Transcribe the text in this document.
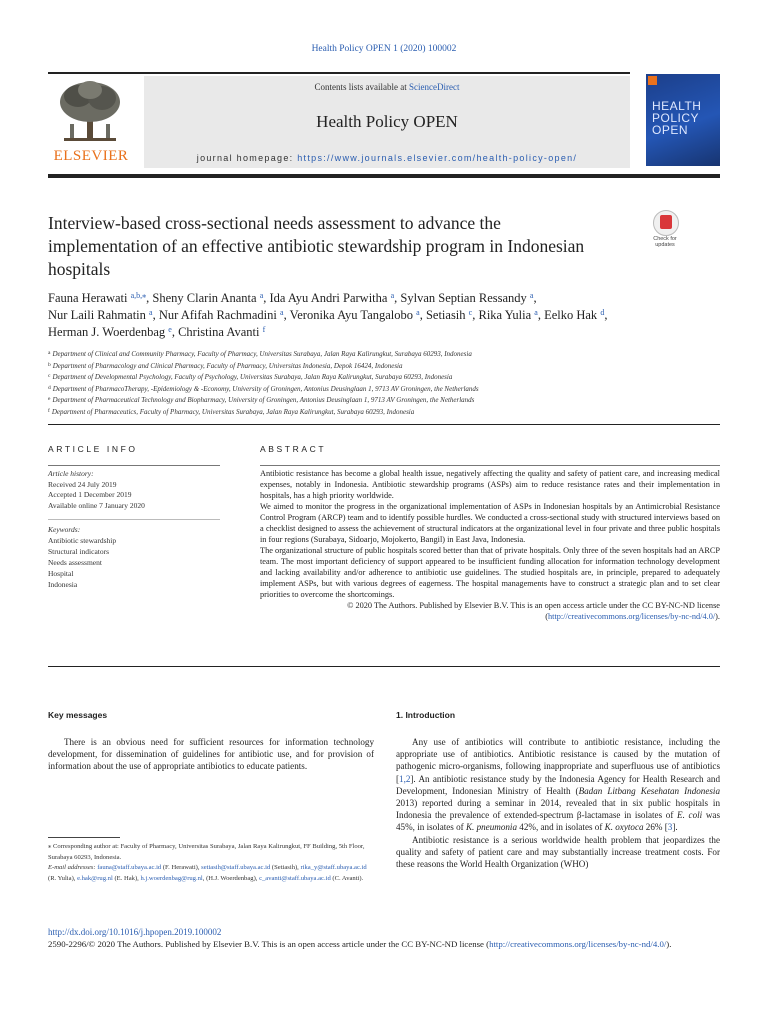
Health Policy OPEN 1 (2020) 100002
ELSEVIER
Contents lists available at ScienceDirect
Health Policy OPEN
journal homepage: https://www.journals.elsevier.com/health-policy-open/
HEALTH
POLICY
OPEN
Interview-based cross-sectional needs assessment to advance the implementation of an effective antibiotic stewardship program in Indonesian hospitals
Check for
updates
Fauna Herawati $^{a,b,⁎}$, Sheny Clarin Ananta $^a$, Ida Ayu Andri Parwitha $^a$, Sylvan Septian Ressandy $^a$,
Nur Laili Rahmatin $^a$, Nur Afifah Rachmadini $^a$, Veronika Ayu Tangalobo $^a$, Setiasih $^c$, Rika Yulia $^a$, Eelko Hak $^d$,
Herman J. Woerdenbag $^e$, Christina Avanti $^f$
$^a$ Department of Clinical and Community Pharmacy, Faculty of Pharmacy, Universitas Surabaya, Jalan Raya Kalirungkut, Surabaya 60293, Indonesia
$^b$ Department of Pharmacology and Clinical Pharmacy, Faculty of Pharmacy, Universitas Indonesia, Depok 16424, Indonesia
$^c$ Department of Developmental Psychology, Faculty of Psychology, Universitas Surabaya, Jalan Raya Kalirungkut, Surabaya 60293, Indonesia
$^d$ Department of PharmacoTherapy, -Epidemiology & -Economy, University of Groningen, Antonius Deusinglaan 1, 9713 AV Groningen, the Netherlands
$^e$ Department of Pharmaceutical Technology and Biopharmacy, University of Groningen, Antonius Deusinglaan 1, 9713 AV Groningen, the Netherlands
$^f$ Department of Pharmaceutics, Faculty of Pharmacy, Universitas Surabaya, Jalan Raya Kalirungkut, Surabaya 60293, Indonesia
ARTICLE INFO	ABSTRACT
Article history:
Received 24 July 2019
Accepted 1 December 2019
Available online 7 January 2020
Keywords:
Antibiotic stewardship
Structural indicators
Needs assessment
Hospital
Indonesia

Antibiotic resistance has become a global health issue, negatively affecting the quality and safety of patient care, and increasing medical expenses, notably in Indonesia. Antibiotic stewardship programs (ASPs) aim to reduce resistance rates and their implementation in hospitals, has a high priority worldwide.

We aimed to monitor the progress in the organizational implementation of ASPs in Indonesian hospitals by an Antimicrobial Resistance Control Program (ARCP) team and to identify possible hurdles. We conducted a cross-sectional study with structured interviews based on a checklist designed to assess the achievement of structural indicators at the organizational level in four private and three public hospitals in four regions (Surabaya, Sidoarjo, Mojokerto, Bangil) in East Java, Indonesia.

The organizational structure of public hospitals scored better than that of private hospitals. Only three of the seven hospitals had an ARCP team. The most important deficiency of support appeared to be insufficient funding allocation for information technology development and lacking availability and/or adherence to antibiotic use guidelines. The studied hospitals are, in principle, prepared to adequately implement ASPs, but with various degrees of eagerness. The hospital managements have to construct a strategic plan and to set clear priorities to overcome the shortcomings.

© 2020 The Authors. Published by Elsevier B.V. This is an open access article under the CC BY-NC-ND license (http://creativecommons.org/licenses/by-nc-nd/4.0/).

Key messages
There is an obvious need for sufficient resources for information technology development, for dissemination of guidelines for antibiotic use, and for provision of information about the use of appropriate antibiotics to educate patients.
1. Introduction

Any use of antibiotics will contribute to antibiotic resistance, including the appropriate use of antibiotics. Antibiotic resistance is caused by the mutation of pathogenic micro-organisms, following inappropriate and superfluous use of antibiotics [1,2]. An antibiotic resistance study by the Indonesia Agency for Health Research and Development, Indonesian Ministry of Health (Badan Litbang Kesehatan Indonesia 2013) reported during a seminar in 2014, revealed that in six public hospitals in Indonesia the prevalence of extended-spectrum β-lactamase in isolates of E. coli was 45%, in isolates of K. pneumonia 42%, and in isolates of K. oxytoca 26% [3].

Antibiotic resistance is a serious worldwide health problem that jeopardizes the quality and safety of patient care and may substantially increase treatment costs. For these reasons the World Health Organization (WHO)

⁎ Corresponding author at: Faculty of Pharmacy, Universitas Surabaya, Jalan Raya Kalirungkut, FF Building, 5th Floor, Surabaya 60293, Indonesia.
E-mail addresses: fauna@staff.ubaya.ac.id (F. Herawati), setiasih@staff.ubaya.ac.id (Setiasih), rika_y@staff.ubaya.ac.id (R. Yulia), e.hak@rug.nl (E. Hak), h.j.woerdenbag@rug.nl, (H.J. Woerdenbag), c_avanti@staff.ubaya.ac.id (C. Avanti).
http://dx.doi.org/10.1016/j.hpopen.2019.100002
2590-2296/© 2020 The Authors. Published by Elsevier B.V. This is an open access article under the CC BY-NC-ND license (http://creativecommons.org/licenses/by-nc-nd/4.0/).
